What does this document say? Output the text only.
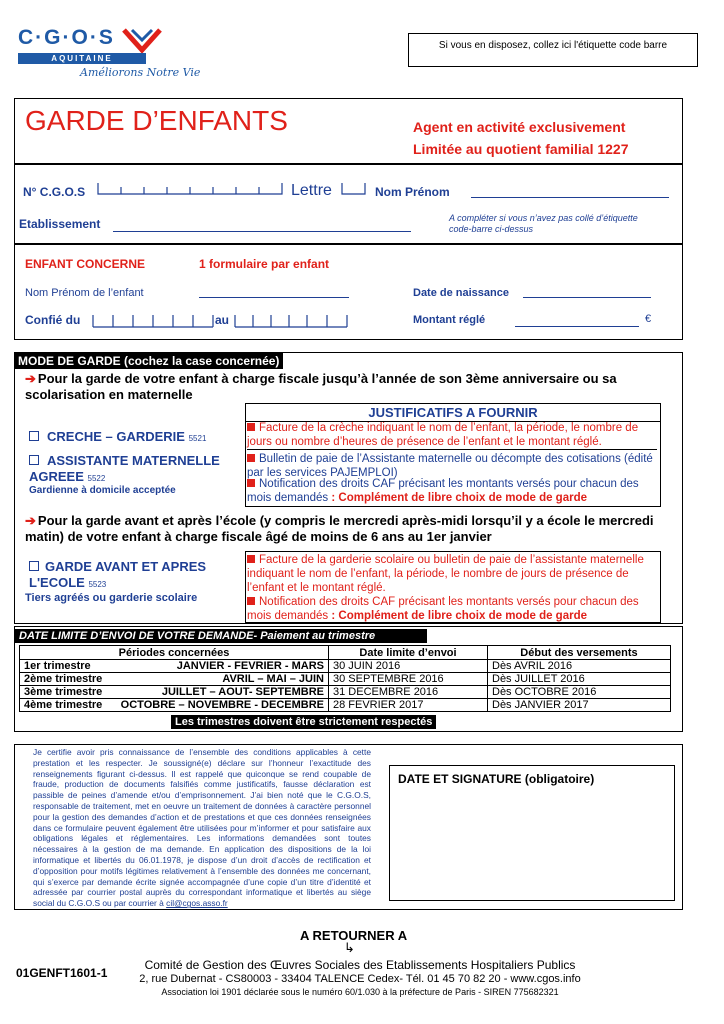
C·G·O·S
AQUITAINE
Améliorons Notre Vie
Si vous en disposez, collez ici l'étiquette code barre
GARDE D’ENFANTS	Agent en activité exclusivement
Limitée au quotient familial 1227
N° C.G.O.S	Lettre	Nom Prénom
Etablissement	A compléter si vous n’avez pas collé d’étiquette code-barre ci-dessus
ENFANT CONCERNE	1 formulaire par enfant
Nom Prénom de l’enfant	Date de naissance
Confié du	au	Montant réglé	€
MODE DE GARDE (cochez la case concernée)
➔ Pour la garde de votre enfant à charge fiscale jusqu’à l’année de son 3ème anniversaire ou sa scolarisation en maternelle
JUSTIFICATIFS A FOURNIR
CRECHE – GARDERIE 5521
Facture de la crèche indiquant le nom de l’enfant, la période, le nombre de jours ou nombre d’heures de présence de l’enfant et le montant réglé.
ASSISTANTE MATERNELLE AGREEE 5522
Gardienne à domicile acceptée
Bulletin de paie de l’Assistante maternelle ou décompte des cotisations (édité par les services PAJEMPLOI)
Notification des droits CAF précisant les montants versés pour chacun des mois demandés : Complément de libre choix de mode de garde
➔ Pour la garde avant et après l’école (y compris le mercredi après-midi lorsqu’il y a école le mercredi matin) de votre enfant à charge fiscale âgé de moins de 6 ans au 1er janvier
GARDE AVANT ET APRES L'ECOLE 5523
Tiers agréés ou garderie scolaire
Facture de la garderie scolaire ou bulletin de paie de l’assistante maternelle indiquant le nom de l’enfant, la période, le nombre de jours de présence de l’enfant et le montant réglé.
Notification des droits CAF précisant les montants versés pour chacun des mois demandés : Complément de libre choix de mode de garde
DATE LIMITE D’ENVOI DE VOTRE DEMANDE- Paiement au trimestre
Périodes concernées	Date limite d’envoi	Début des versements
1er trimestre JANVIER - FEVRIER - MARS	30 JUIN 2016	Dès AVRIL 2016
2ème trimestre AVRIL – MAI – JUIN	30 SEPTEMBRE 2016	Dès JUILLET 2016
3ème trimestre JUILLET – AOUT- SEPTEMBRE	31 DECEMBRE 2016	Dès OCTOBRE 2016
4ème trimestre OCTOBRE – NOVEMBRE - DECEMBRE	28 FEVRIER 2017	Dès JANVIER 2017
Les trimestres doivent être strictement respectés
Je certifie avoir pris connaissance de l’ensemble des conditions applicables à cette prestation et les respecter. Je soussigné(e) déclare sur l’honneur l’exactitude des renseignements figurant ci-dessus. Il est rappelé que quiconque se rend coupable de fraude, production de documents falsifiés comme justificatifs, fausse déclaration est passible de peines d’amende et/ou d’emprisonnement. J’ai bien noté que le C.G.O.S, responsable de traitement, met en oeuvre un traitement de données à caractère personnel pour la gestion des demandes d’action et de prestations et que ces données renseignées dans ce formulaire peuvent également être utilisées pour m’informer et pour satisfaire aux obligations légales et réglementaires. Les informations demandées sont toutes nécessaires à la gestion de ma demande. En application des dispositions de la loi informatique et libertés du 06.01.1978, je dispose d’un droit d’accès de rectification et d’opposition pour motifs légitimes relativement à l’ensemble des données me concernant, qui s’exerce par demande écrite signée accompagnée d’une copie d’un titre d’identité et adressée par courrier postal auprès du correspondant informatique et libertés au siège social du C.G.O.S ou par courrier à cil@cgos.asso.fr
DATE ET SIGNATURE (obligatoire)
A RETOURNER A
↳
01GENFT1601-1
Comité de Gestion des Œuvres Sociales des Etablissements Hospitaliers Publics
2, rue Dubernat - CS80003 - 33404 TALENCE Cedex- Tél. 01 45 70 82 20 - www.cgos.info
Association loi 1901 déclarée sous le numéro 60/1.030 à la préfecture de Paris - SIREN 775682321
